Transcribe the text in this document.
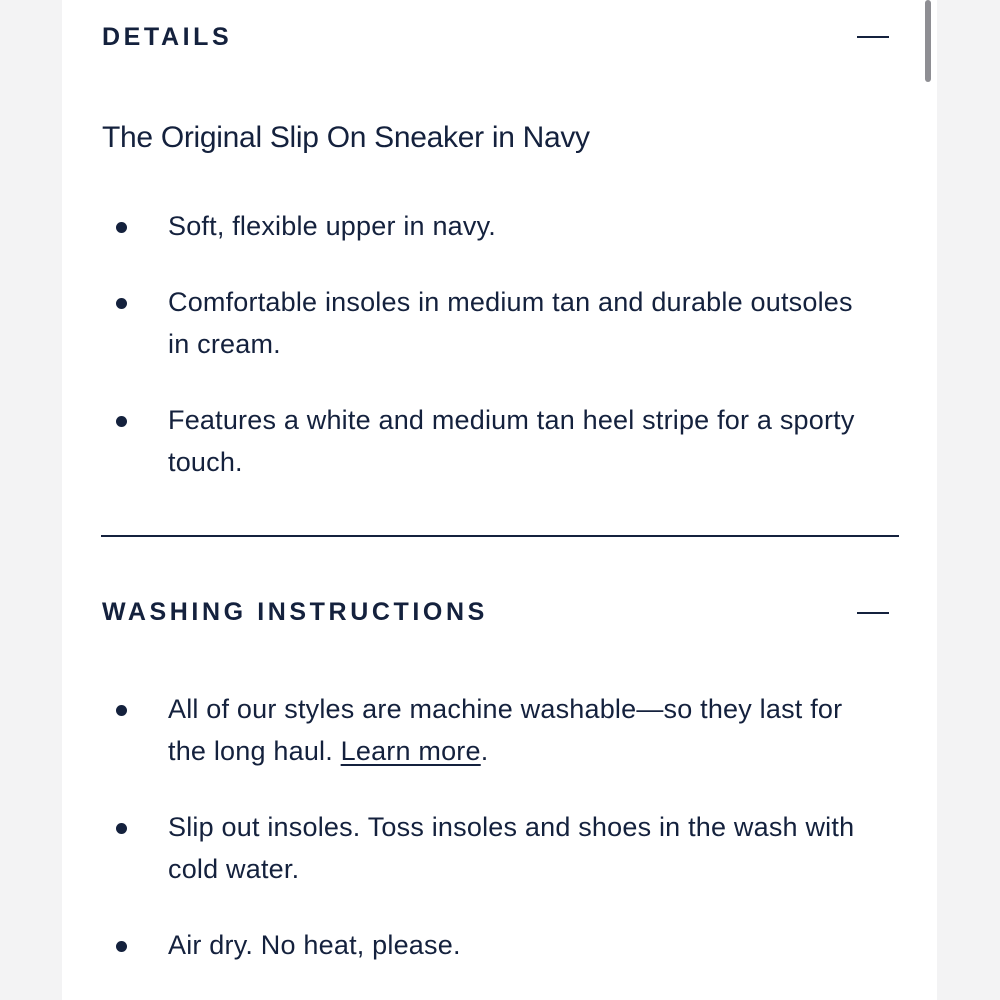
DETAILS
The Original Slip On Sneaker in Navy
Soft, flexible upper in navy.
Comfortable insoles in medium tan and durable outsoles in cream.
Features a white and medium tan heel stripe for a sporty touch.
WASHING INSTRUCTIONS
All of our styles are machine washable—so they last for the long haul. Learn more.
Slip out insoles. Toss insoles and shoes in the wash with cold water.
Air dry. No heat, please.
